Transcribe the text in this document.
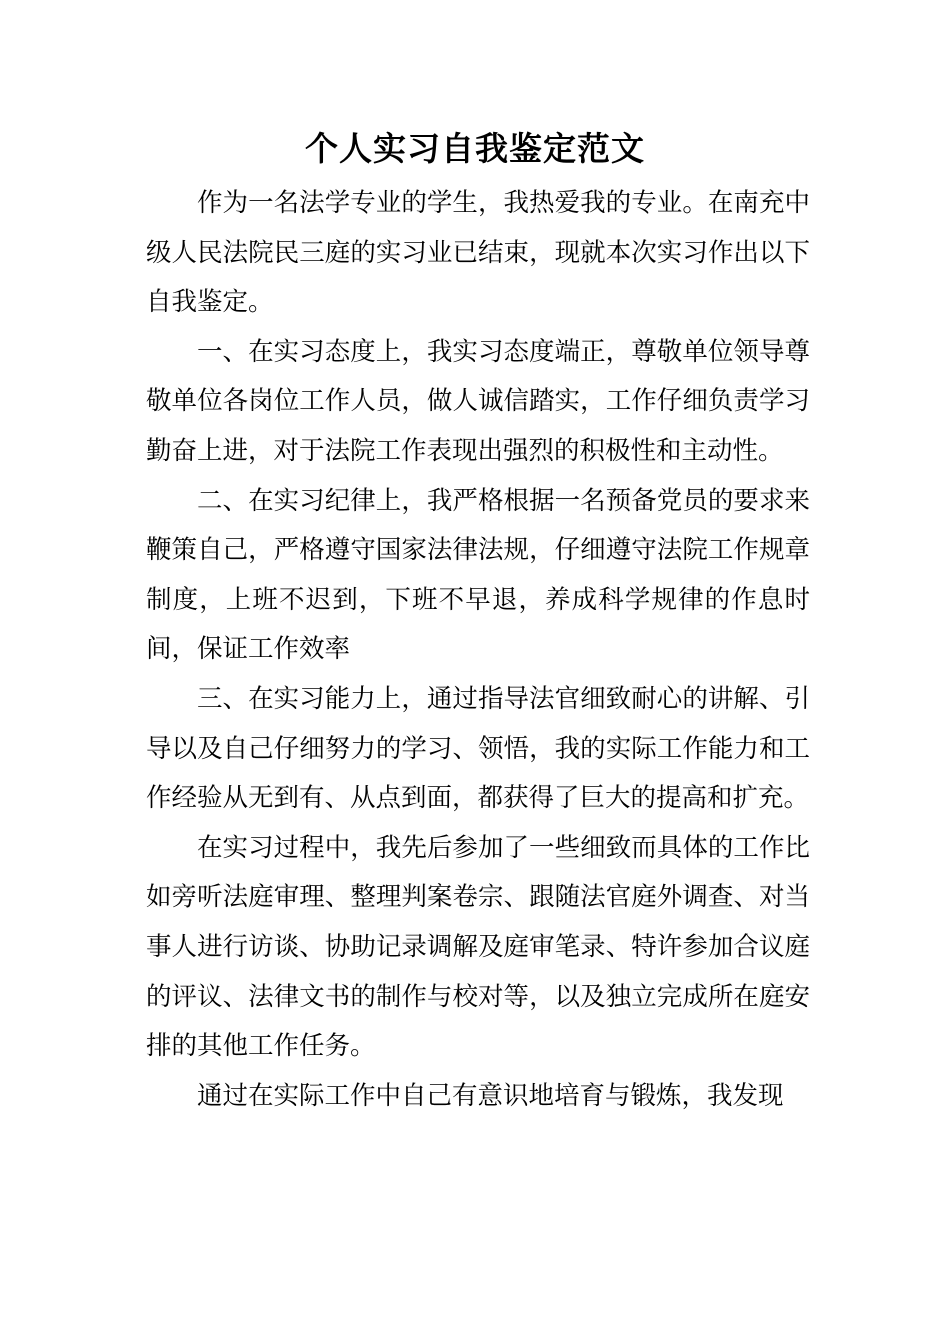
个人实习自我鉴定范文

作为一名法学专业的学生，我热爱我的专业。在南充中级人民法院民三庭的实习业已结束，现就本次实习作出以下自我鉴定。

一、在实习态度上，我实习态度端正，尊敬单位领导尊敬单位各岗位工作人员，做人诚信踏实，工作仔细负责学习勤奋上进，对于法院工作表现出强烈的积极性和主动性。

二、在实习纪律上，我严格根据一名预备党员的要求来鞭策自己，严格遵守国家法律法规，仔细遵守法院工作规章制度，上班不迟到，下班不早退，养成科学规律的作息时间，保证工作效率

三、在实习能力上，通过指导法官细致耐心的讲解、引导以及自己仔细努力的学习、领悟，我的实际工作能力和工作经验从无到有、从点到面，都获得了巨大的提高和扩充。

在实习过程中，我先后参加了一些细致而具体的工作比如旁听法庭审理、整理判案卷宗、跟随法官庭外调查、对当事人进行访谈、协助记录调解及庭审笔录、特许参加合议庭的评议、法律文书的制作与校对等，以及独立完成所在庭安排的其他工作任务。

通过在实际工作中自己有意识地培育与锻炼，我发现
